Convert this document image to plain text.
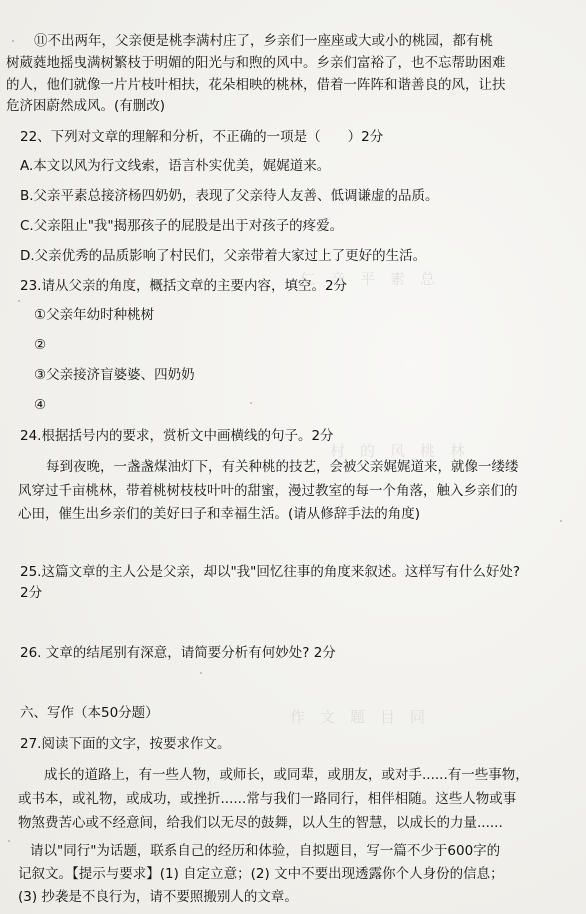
仁　亲　平　素　总
村　的　风　桃　林
作　文　题　目　同
⑪不出两年，父亲便是桃李满村庄了，乡亲们一座座或大或小的桃园，都有桃
树葳蕤地摇曳满树繁枝于明媚的阳光与和煦的风中。乡亲们富裕了，也不忘帮助困难
的人，他们就像一片片枝叶相扶，花朵相映的桃林，借着一阵阵和谐善良的风，让扶
危济困蔚然成风。(有删改)
22、下列对文章的理解和分析，不正确的一项是（　　）2分
A.本文以风为行文线索，语言朴实优美，娓娓道来。
B.父亲平素总接济杨四奶奶，表现了父亲待人友善、低调谦虚的品质。
C.父亲阻止"我"揭那孩子的屁股是出于对孩子的疼爱。
D.父亲优秀的品质影响了村民们，父亲带着大家过上了更好的生活。
23.请从父亲的角度，概括文章的主要内容，填空。2分
①父亲年幼时种桃树
②
③父亲接济盲婆婆、四奶奶
④
24.根据括号内的要求，赏析文中画横线的句子。2分
每到夜晚，一盏盏煤油灯下，有关种桃的技艺，会被父亲娓娓道来，就像一缕缕
风穿过千亩桃林，带着桃树枝枝叶叶的甜蜜，漫过教室的每一个角落，触入乡亲们的
心田，催生出乡亲们的美好曰子和幸福生活。(请从修辞手法的角度)
25.这篇文章的主人公是父亲，却以"我"回忆往事的角度来叙述。这样写有什么好处?
2分
26. 文章的结尾别有深意，请简要分析有何妙处? 2分
六、写作（本50分题）
27.阅读下面的文字，按要求作文。
成长的道路上，有一些人物，或师长，或同辈，或朋友，或对手......有一些事物，
或书本，或礼物，或成功，或挫折......常与我们一路同行，相伴相随。这些人物或事
物煞费苦心或不经意间，给我们以无尽的鼓舞，以人生的智慧，以成长的力量......
请以"同行"为话题，联系自己的经历和体验，自拟题目，写一篇不少于600字的
记叙文。【提示与要求】(1) 自定立意；(2) 文中不要出现透露你个人身份的信息；
(3) 抄袭是不良行为，请不要照搬别人的文章。
